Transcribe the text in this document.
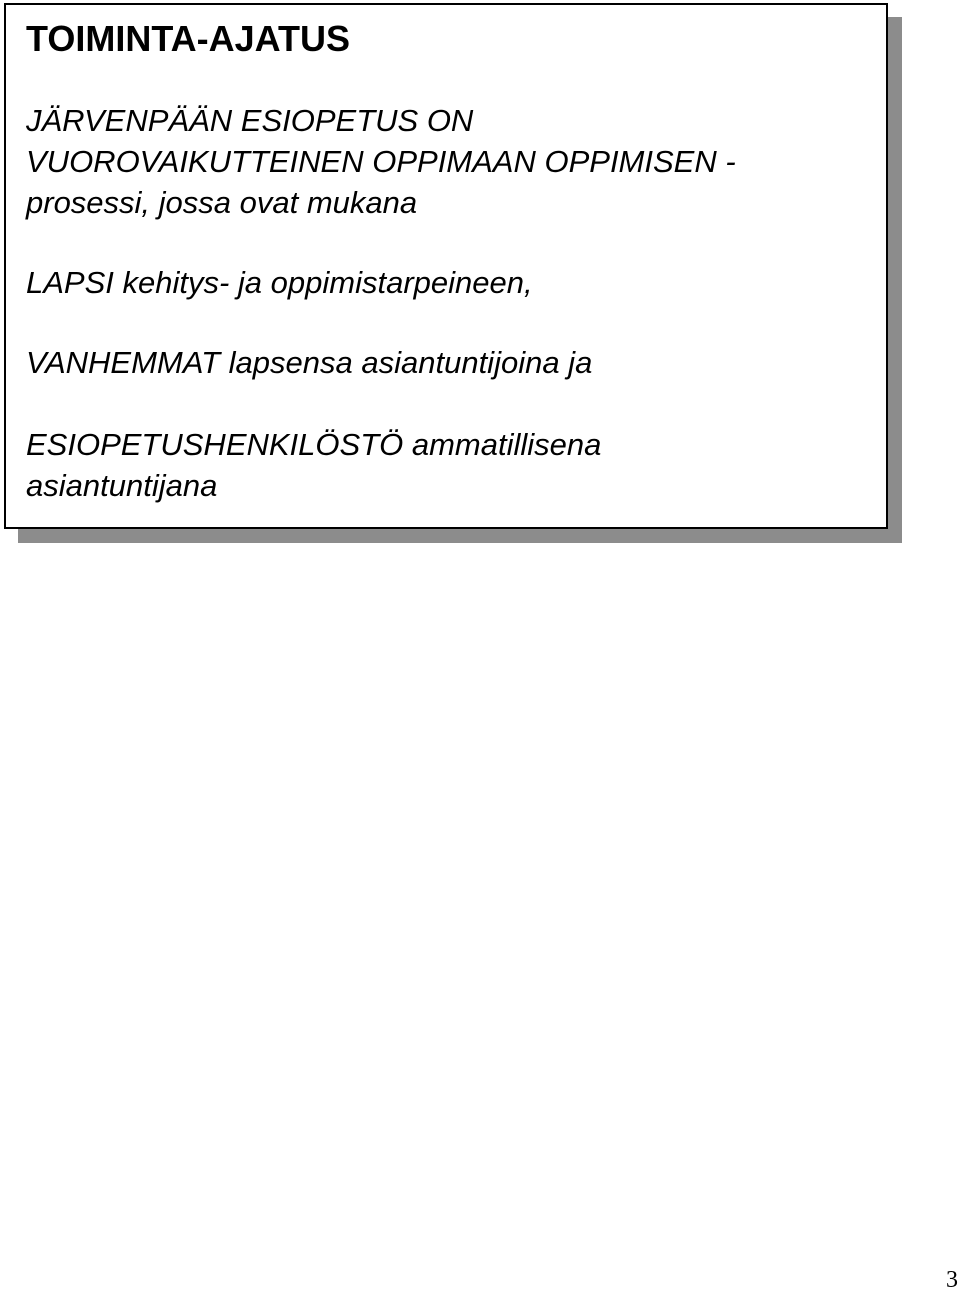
TOIMINTA-AJATUS
JÄRVENPÄÄN ESIOPETUS ON
VUOROVAIKUTTEINEN OPPIMAAN OPPIMISEN -
prosessi, jossa ovat mukana
LAPSI kehitys- ja oppimistarpeineen,
VANHEMMAT lapsensa asiantuntijoina ja
ESIOPETUSHENKILÖSTÖ ammatillisena
asiantuntijana
3
